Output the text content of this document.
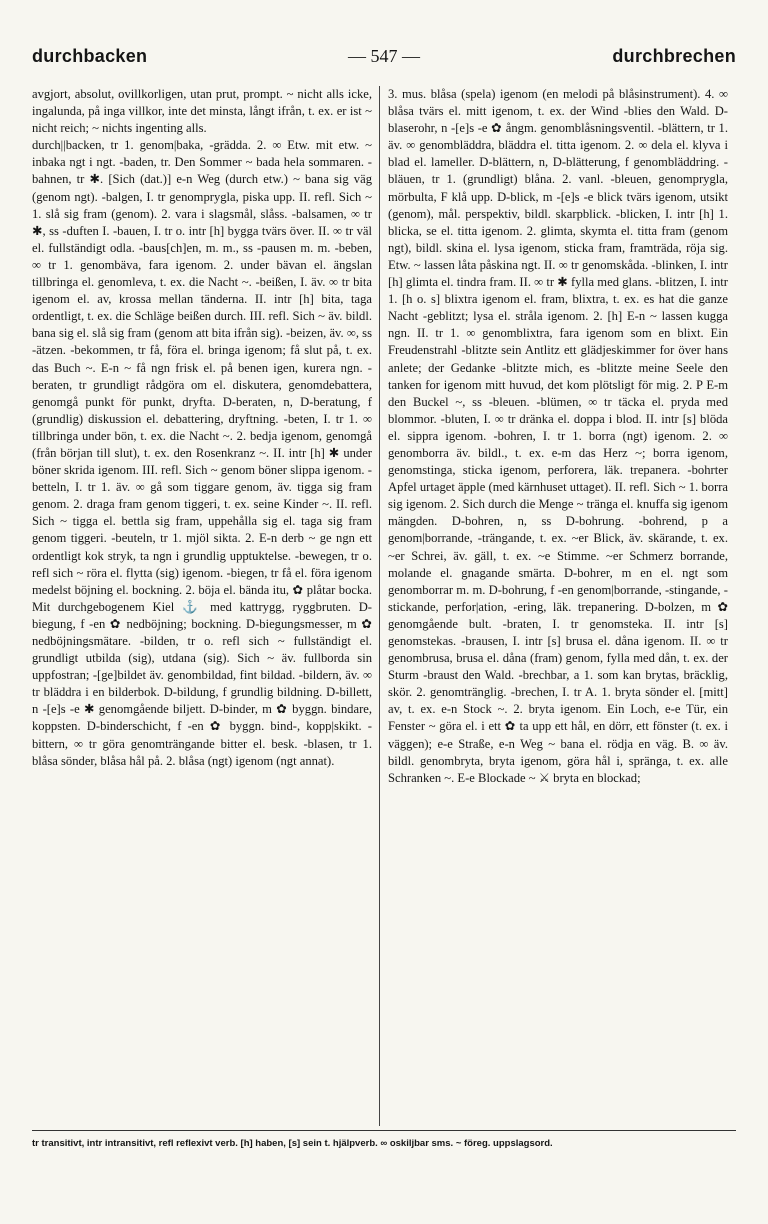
durchbacken	— 547 —	durchbrechen

avgjort, absolut, ovillkorligen, utan prut, prompt. ~ nicht alls icke, ingalunda, på inga villkor, inte det minsta, långt ifrån, t. ex. er ist ~ nicht reich; ~ nichts ingenting alls.

durch||backen, tr 1. genom|baka, -grädda. 2. ∞ Etw. mit etw. ~ inbaka ngt i ngt. -baden, tr. Den Sommer ~ bada hela sommaren. -bahnen, tr ✱. [Sich (dat.)] e-n Weg (durch etw.) ~ bana sig väg (genom ngt). -balgen, I. tr genomprygla, piska upp. II. refl. Sich ~ 1. slå sig fram (genom). 2. vara i slagsmål, slåss. -balsamen, ∞ tr ✱, ss -duften I. -bauen, I. tr o. intr [h] bygga tvärs över. II. ∞ tr väl el. fullständigt odla. -baus[ch]en, m. m., ss -pausen m. m. -beben, ∞ tr 1. genombäva, fara igenom. 2. under bävan el. ängslan tillbringa el. genomleva, t. ex. die Nacht ~. -beißen, I. äv. ∞ tr bita igenom el. av, krossa mellan tänderna. II. intr [h] bita, taga ordentligt, t. ex. die Schläge beißen durch. III. refl. Sich ~ äv. bildl. bana sig el. slå sig fram (genom att bita ifrån sig). -beizen, äv. ∞, ss -ätzen. -bekommen, tr få, föra el. bringa igenom; få slut på, t. ex. das Buch ~. E-n ~ få ngn frisk el. på benen igen, kurera ngn. -beraten, tr grundligt rådgöra om el. diskutera, genomdebattera, genomgå punkt för punkt, dryfta. D-beraten, n, D-beratung, f (grundlig) diskussion el. debattering, dryftning. -beten, I. tr 1. ∞ tillbringa under bön, t. ex. die Nacht ~. 2. bedja igenom, genomgå (från början till slut), t. ex. den Rosenkranz ~. II. intr [h] ✱ under böner skrida igenom. III. refl. Sich ~ genom böner slippa igenom. -betteln, I. tr 1. äv. ∞ gå som tiggare genom, äv. tigga sig fram genom. 2. draga fram genom tiggeri, t. ex. seine Kinder ~. II. refl. Sich ~ tigga el. bettla sig fram, uppehålla sig el. taga sig fram genom tiggeri. -beuteln, tr 1. mjöl sikta. 2. E-n derb ~ ge ngn ett ordentligt kok stryk, ta ngn i grundlig upptuktelse. -bewegen, tr o. refl sich ~ röra el. flytta (sig) igenom. -biegen, tr få el. föra igenom medelst böjning el. bockning. 2. böja el. bända itu, ✿ plåtar bocka. Mit durchgebogenem Kiel ⚓ med kattrygg, ryggbruten. D-biegung, f -en ✿ nedböjning; bockning. D-biegungsmesser, m ✿ nedböjningsmätare. -bilden, tr o. refl sich ~ fullständigt el. grundligt utbilda (sig), utdana (sig). Sich ~ äv. fullborda sin uppfostran; -[ge]bildet äv. genombildad, fint bildad. -bildern, äv. ∞ tr bläddra i en bilderbok. D-bildung, f grundlig bildning. D-billett, n -[e]s -e ✱ genomgående biljett. D-binder, m ✿ byggn. bindare, koppsten. D-binderschicht, f -en ✿ byggn. bind-, kopp|skikt. -bittern, ∞ tr göra genomträngande bitter el. besk. -blasen, tr 1. blåsa sönder, blåsa hål på. 2. blåsa (ngt) igenom (ngt annat).

3. mus. blåsa (spela) igenom (en melodi på blåsinstrument). 4. ∞ blåsa tvärs el. mitt igenom, t. ex. der Wind -blies den Wald. D-blaserohr, n -[e]s -e ✿ ångm. genomblåsningsventil. -blättern, tr 1. äv. ∞ genombläddra, bläddra el. titta igenom. 2. ∞ dela el. klyva i blad el. lameller. D-blättern, n, D-blätterung, f genombläddring. -bläuen, tr 1. (grundligt) blåna. 2. vanl. -bleuen, genomprygla, mörbulta, F klå upp. D-blick, m -[e]s -e blick tvärs igenom, utsikt (genom), mål. perspektiv, bildl. skarpblick. -blicken, I. intr [h] 1. blicka, se el. titta igenom. 2. glimta, skymta el. titta fram (genom ngt), bildl. skina el. lysa igenom, sticka fram, framträda, röja sig. Etw. ~ lassen låta påskina ngt. II. ∞ tr genomskåda. -blinken, I. intr [h] glimta el. tindra fram. II. ∞ tr ✱ fylla med glans. -blitzen, I. intr 1. [h o. s] blixtra igenom el. fram, blixtra, t. ex. es hat die ganze Nacht -geblitzt; lysa el. stråla igenom. 2. [h] E-n ~ lassen kugga ngn. II. tr 1. ∞ genomblixtra, fara igenom som en blixt. Ein Freudenstrahl -blitzte sein Antlitz ett glädjeskimmer for över hans anlete; der Gedanke -blitzte mich, es -blitzte meine Seele den tanken for igenom mitt huvud, det kom plötsligt för mig. 2. P E-m den Buckel ~, ss -bleuen. -blümen, ∞ tr täcka el. pryda med blommor. -bluten, I. ∞ tr dränka el. doppa i blod. II. intr [s] blöda el. sippra igenom. -bohren, I. tr 1. borra (ngt) igenom. 2. ∞ genomborra äv. bildl., t. ex. e-m das Herz ~; borra igenom, genomstinga, sticka igenom, perforera, läk. trepanera. -bohrter Apfel urtaget äpple (med kärnhuset uttaget). II. refl. Sich ~ 1. borra sig igenom. 2. Sich durch die Menge ~ tränga el. knuffa sig igenom mängden. D-bohren, n, ss D-bohrung. -bohrend, p a genom|borrande, -trängande, t. ex. ~er Blick, äv. skärande, t. ex. ~er Schrei, äv. gäll, t. ex. ~e Stimme. ~er Schmerz borrande, molande el. gnagande smärta. D-bohrer, m en el. ngt som genomborrar m. m. D-bohrung, f -en genom|borrande, -stingande, -stickande, perfor|ation, -ering, läk. trepanering. D-bolzen, m ✿ genomgående bult. -braten, I. tr genomsteka. II. intr [s] genomstekas. -brausen, I. intr [s] brusa el. dåna igenom. II. ∞ tr genombrusa, brusa el. dåna (fram) genom, fylla med dån, t. ex. der Sturm -braust den Wald. -brechbar, a 1. som kan brytas, bräcklig, skör. 2. genomtränglig. -brechen, I. tr A. 1. bryta sönder el. [mitt] av, t. ex. e-n Stock ~. 2. bryta igenom. Ein Loch, e-e Tür, ein Fenster ~ göra el. i ett ✿ ta upp ett hål, en dörr, ett fönster (t. ex. i väggen); e-e Straße, e-n Weg ~ bana el. rödja en väg. B. ∞ äv. bildl. genombryta, bryta igenom, göra hål i, spränga, t. ex. alle Schranken ~. E-e Blockade ~ ⚔ bryta en blockad;

tr transitivt, intr intransitivt, refl reflexivt verb. [h] haben, [s] sein t. hjälpverb. ∞ oskiljbar sms. ~ föreg. uppslagsord.
